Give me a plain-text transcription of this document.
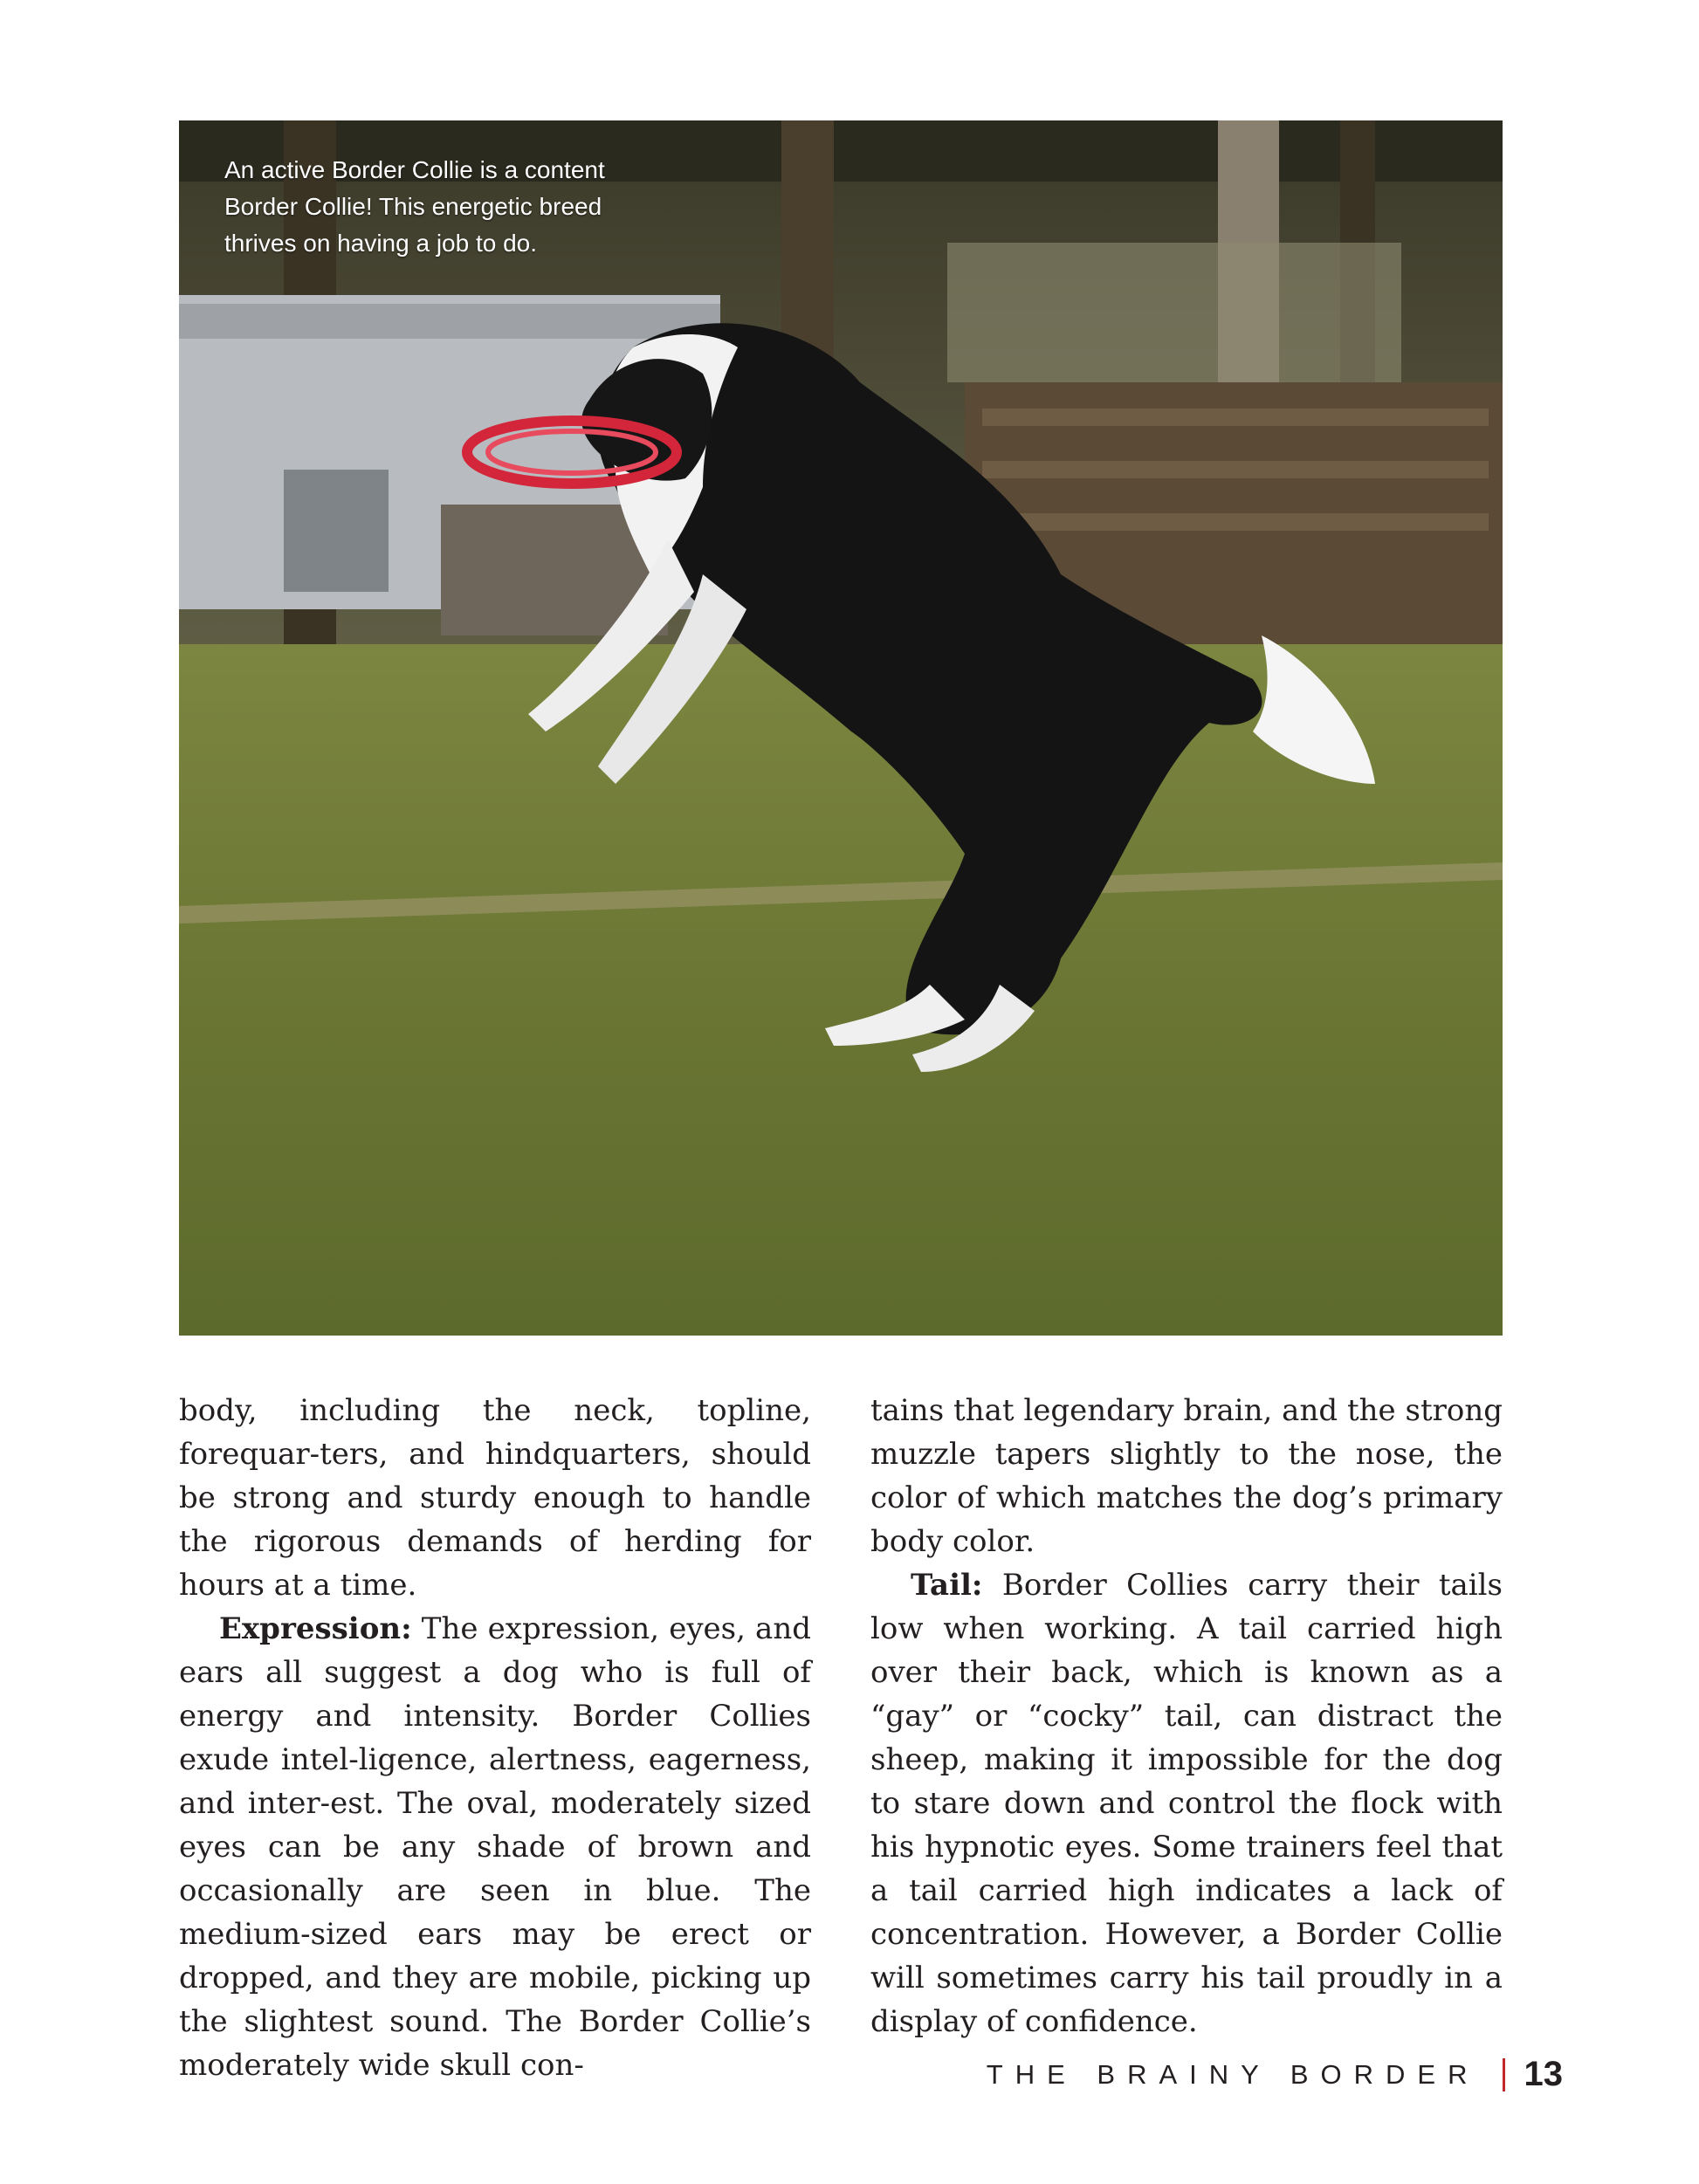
An active Border Collie is a content Border Collie! This energetic breed thrives on having a job to do.

body, including the neck, topline, forequar-ters, and hindquarters, should be strong and sturdy enough to handle the rigorous demands of herding for hours at a time.

Expression: The expression, eyes, and ears all suggest a dog who is full of energy and intensity. Border Collies exude intel-ligence, alertness, eagerness, and inter-est. The oval, moderately sized eyes can be any shade of brown and occasionally are seen in blue. The medium-sized ears may be erect or dropped, and they are mobile, picking up the slightest sound. The Border Collie’s moderately wide skull con-

tains that legendary brain, and the strong muzzle tapers slightly to the nose, the color of which matches the dog’s primary body color.

Tail: Border Collies carry their tails low when working. A tail carried high over their back, which is known as a “gay” or “cocky” tail, can distract the sheep, making it impossible for the dog to stare down and control the flock with his hypnotic eyes. Some trainers feel that a tail carried high indicates a lack of concentration. However, a Border Collie will sometimes carry his tail proudly in a display of confidence.

THE BRAINY BORDER 13
